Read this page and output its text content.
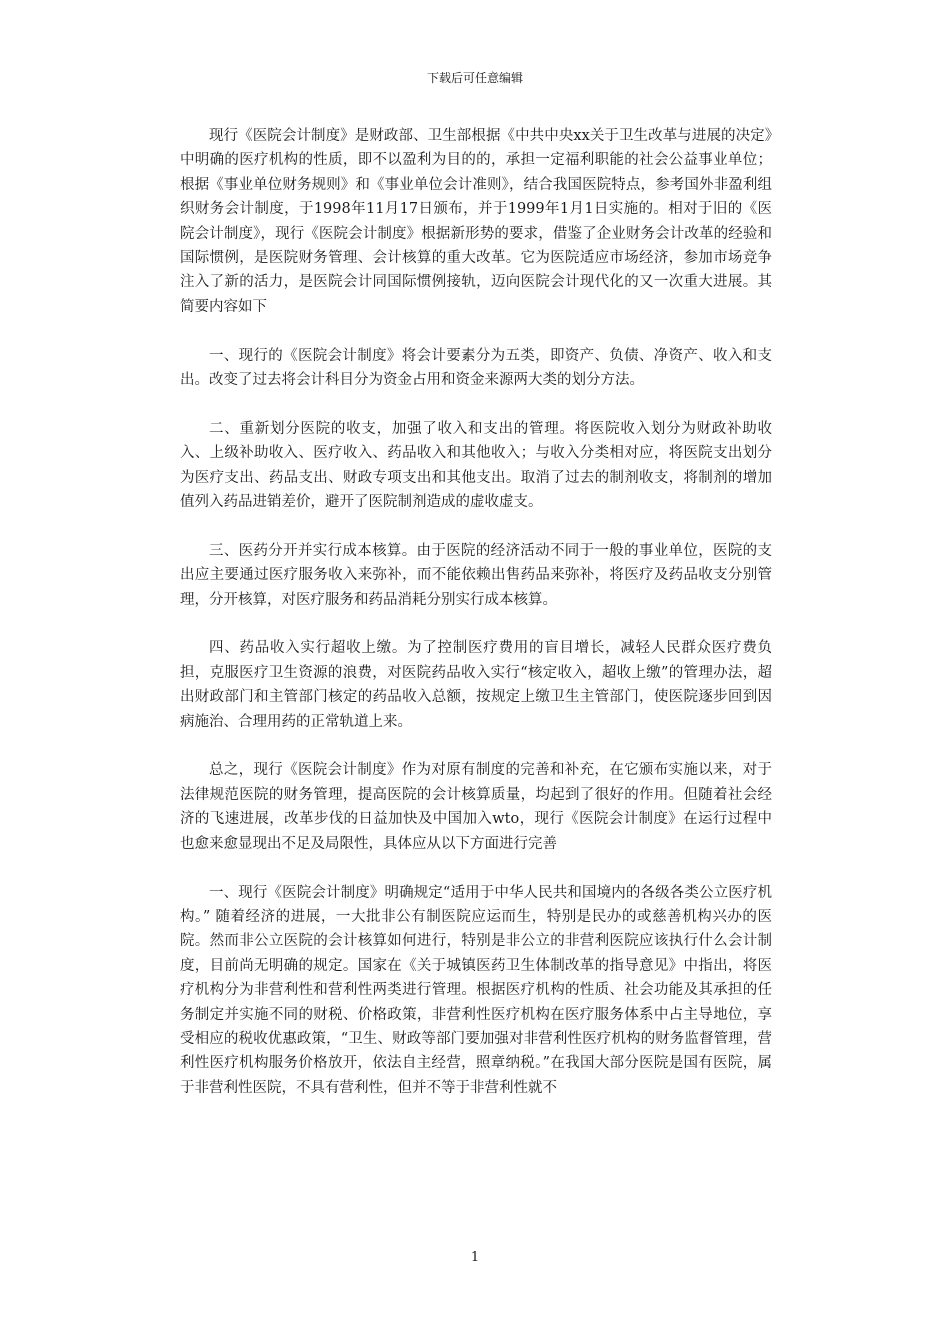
下载后可任意编辑

现行《医院会计制度》是财政部、卫生部根据《中共中央xx关于卫生改革与进展的决定》中明确的医疗机构的性质，即不以盈利为目的的，承担一定福利职能的社会公益事业单位；根据《事业单位财务规则》和《事业单位会计准则》，结合我国医院特点，参考国外非盈利组织财务会计制度，于1998年11月17日颁布，并于1999年1月1日实施的。相对于旧的《医院会计制度》，现行《医院会计制度》根据新形势的要求，借鉴了企业财务会计改革的经验和国际惯例，是医院财务管理、会计核算的重大改革。它为医院适应市场经济，参加市场竞争注入了新的活力，是医院会计同国际惯例接轨，迈向医院会计现代化的又一次重大进展。其简要内容如下

一、现行的《医院会计制度》将会计要素分为五类，即资产、负债、净资产、收入和支出。改变了过去将会计科目分为资金占用和资金来源两大类的划分方法。

二、重新划分医院的收支，加强了收入和支出的管理。将医院收入划分为财政补助收入、上级补助收入、医疗收入、药品收入和其他收入；与收入分类相对应，将医院支出划分为医疗支出、药品支出、财政专项支出和其他支出。取消了过去的制剂收支，将制剂的增加值列入药品进销差价，避开了医院制剂造成的虚收虚支。

三、医药分开并实行成本核算。由于医院的经济活动不同于一般的事业单位，医院的支出应主要通过医疗服务收入来弥补，而不能依赖出售药品来弥补，将医疗及药品收支分别管理，分开核算，对医疗服务和药品消耗分别实行成本核算。

四、药品收入实行超收上缴。为了控制医疗费用的盲目增长，减轻人民群众医疗费负担，克服医疗卫生资源的浪费，对医院药品收入实行“核定收入，超收上缴”的管理办法，超出财政部门和主管部门核定的药品收入总额，按规定上缴卫生主管部门，使医院逐步回到因病施治、合理用药的正常轨道上来。

总之，现行《医院会计制度》作为对原有制度的完善和补充，在它颁布实施以来，对于法律规范医院的财务管理，提高医院的会计核算质量，均起到了很好的作用。但随着社会经济的飞速进展，改革步伐的日益加快及中国加入wto，现行《医院会计制度》在运行过程中也愈来愈显现出不足及局限性，具体应从以下方面进行完善

一、现行《医院会计制度》明确规定“适用于中华人民共和国境内的各级各类公立医疗机构。” 随着经济的进展，一大批非公有制医院应运而生，特别是民办的或慈善机构兴办的医院。然而非公立医院的会计核算如何进行，特别是非公立的非营利医院应该执行什么会计制度，目前尚无明确的规定。国家在《关于城镇医药卫生体制改革的指导意见》中指出，将医疗机构分为非营利性和营利性两类进行管理。根据医疗机构的性质、社会功能及其承担的任务制定并实施不同的财税、价格政策，非营利性医疗机构在医疗服务体系中占主导地位，享受相应的税收优惠政策，“卫生、财政等部门要加强对非营利性医疗机构的财务监督管理，营利性医疗机构服务价格放开，依法自主经营，照章纳税。”在我国大部分医院是国有医院，属于非营利性医院，不具有营利性，但并不等于非营利性就不

1
